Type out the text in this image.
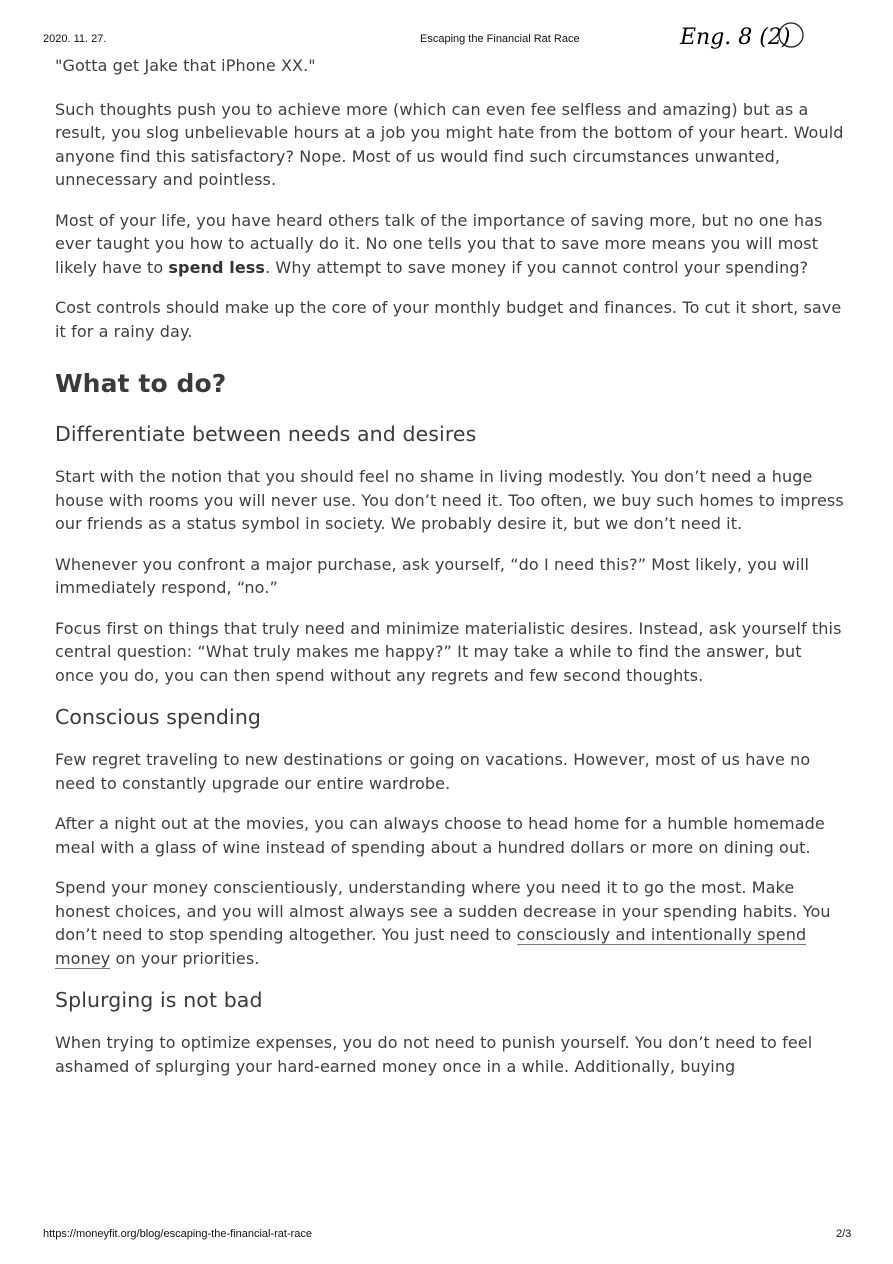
2020. 11. 27.	Escaping the Financial Rat Race	Eng. 8 (2)

"Gotta get Jake that iPhone XX."

Such thoughts push you to achieve more (which can even fee selfless and amazing) but as a result, you slog unbelievable hours at a job you might hate from the bottom of your heart. Would anyone find this satisfactory? Nope. Most of us would find such circumstances unwanted, unnecessary and pointless.

Most of your life, you have heard others talk of the importance of saving more, but no one has ever taught you how to actually do it. No one tells you that to save more means you will most likely have to spend less. Why attempt to save money if you cannot control your spending?

Cost controls should make up the core of your monthly budget and finances. To cut it short, save it for a rainy day.

What to do?
Differentiate between needs and desires

Start with the notion that you should feel no shame in living modestly. You don’t need a huge house with rooms you will never use. You don’t need it. Too often, we buy such homes to impress our friends as a status symbol in society. We probably desire it, but we don’t need it.

Whenever you confront a major purchase, ask yourself, “do I need this?” Most likely, you will immediately respond, “no.”

Focus first on things that truly need and minimize materialistic desires. Instead, ask yourself this central question: “What truly makes me happy?” It may take a while to find the answer, but once you do, you can then spend without any regrets and few second thoughts.

Conscious spending

Few regret traveling to new destinations or going on vacations. However, most of us have no need to constantly upgrade our entire wardrobe.

After a night out at the movies, you can always choose to head home for a humble homemade meal with a glass of wine instead of spending about a hundred dollars or more on dining out.

Spend your money conscientiously, understanding where you need it to go the most. Make honest choices, and you will almost always see a sudden decrease in your spending habits. You don’t need to stop spending altogether. You just need to consciously and intentionally spend money on your priorities.

Splurging is not bad

When trying to optimize expenses, you do not need to punish yourself. You don’t need to feel ashamed of splurging your hard-earned money once in a while. Additionally, buying

https://moneyfit.org/blog/escaping-the-financial-rat-race	2/3
